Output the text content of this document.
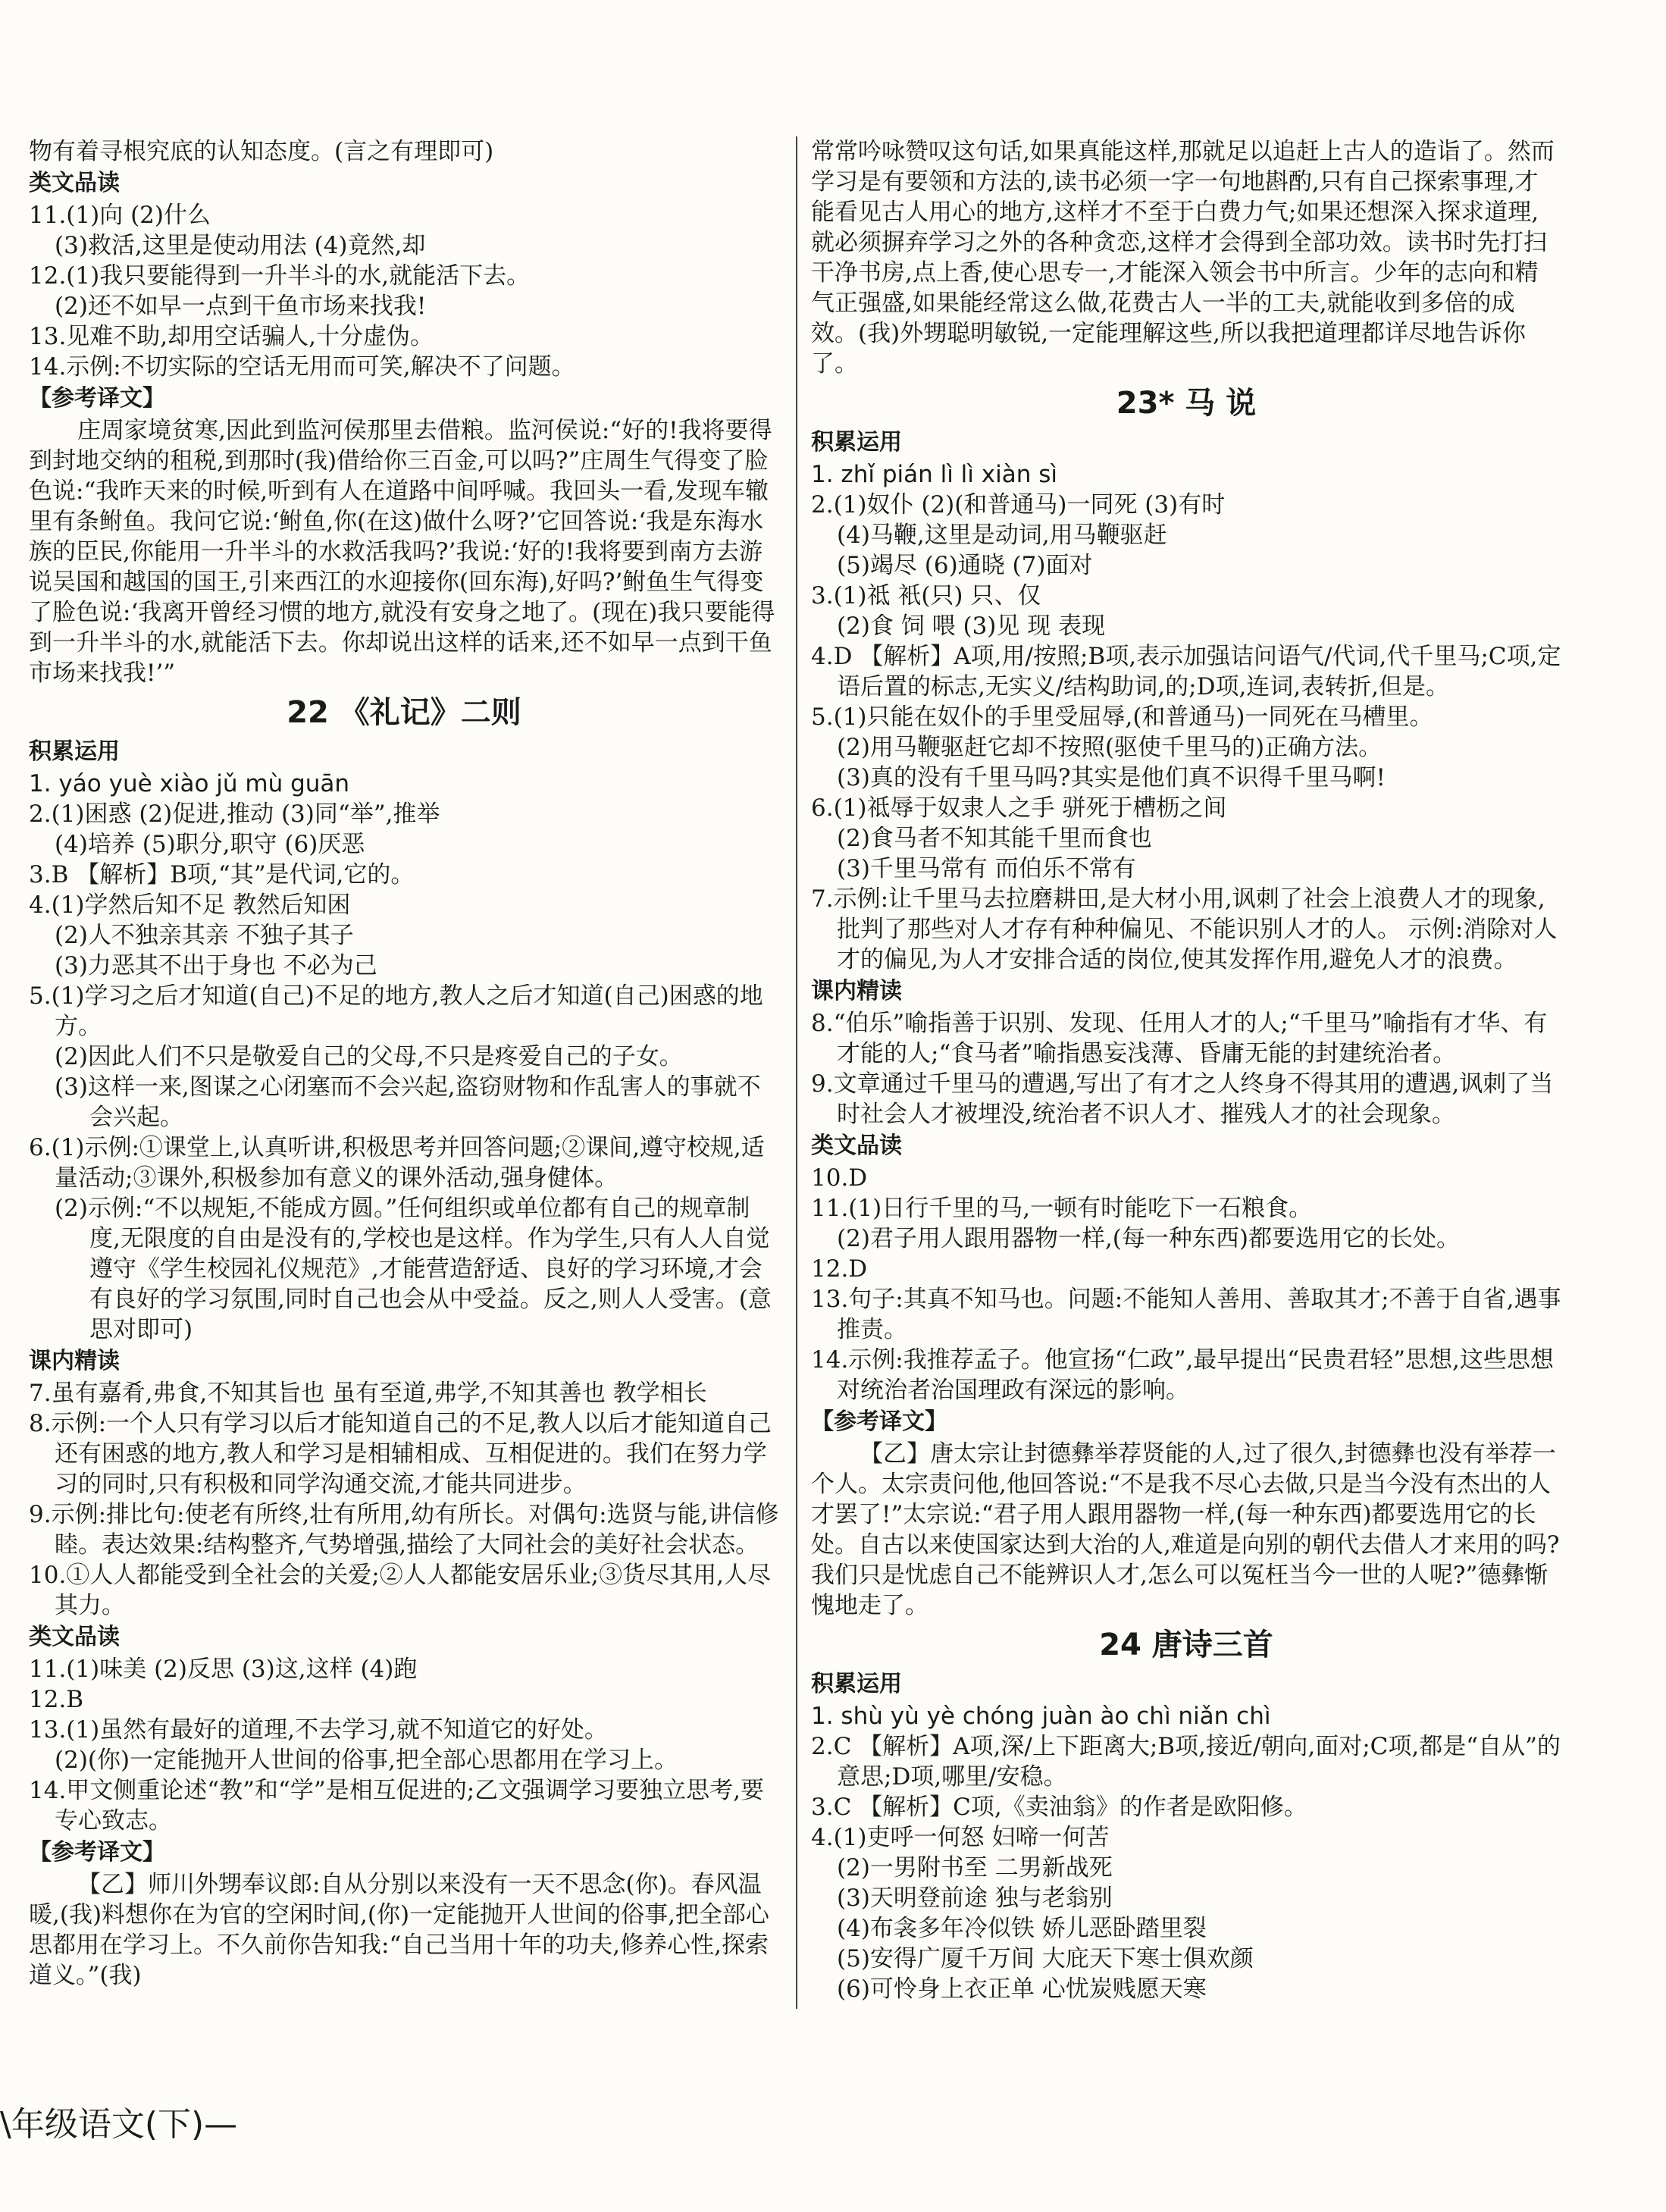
物有着寻根究底的认知态度。(言之有理即可)

类文品读

11.(1)向 (2)什么

(3)救活,这里是使动用法 (4)竟然,却

12.(1)我只要能得到一升半斗的水,就能活下去。

(2)还不如早一点到干鱼市场来找我!

13.见难不助,却用空话骗人,十分虚伪。

14.示例:不切实际的空话无用而可笑,解决不了问题。

【参考译文】

庄周家境贫寒,因此到监河侯那里去借粮。监河侯说:“好的!我将要得到封地交纳的租税,到那时(我)借给你三百金,可以吗?”庄周生气得变了脸色说:“我昨天来的时候,听到有人在道路中间呼喊。我回头一看,发现车辙里有条鲋鱼。我问它说:‘鲋鱼,你(在这)做什么呀?’它回答说:‘我是东海水族的臣民,你能用一升半斗的水救活我吗?’我说:‘好的!我将要到南方去游说吴国和越国的国王,引来西江的水迎接你(回东海),好吗?’鲋鱼生气得变了脸色说:‘我离开曾经习惯的地方,就没有安身之地了。(现在)我只要能得到一升半斗的水,就能活下去。你却说出这样的话来,还不如早一点到干鱼市场来找我!’”

22 《礼记》二则

积累运用

1. yáo yuè xiào jǔ mù guān

2.(1)困惑 (2)促进,推动 (3)同“举”,推举

(4)培养 (5)职分,职守 (6)厌恶

3.B 【解析】B项,“其”是代词,它的。

4.(1)学然后知不足 教然后知困

(2)人不独亲其亲 不独子其子

(3)力恶其不出于身也 不必为己

5.(1)学习之后才知道(自己)不足的地方,教人之后才知道(自己)困惑的地方。

(2)因此人们不只是敬爱自己的父母,不只是疼爱自己的子女。

(3)这样一来,图谋之心闭塞而不会兴起,盗窃财物和作乱害人的事就不会兴起。

6.(1)示例:①课堂上,认真听讲,积极思考并回答问题;②课间,遵守校规,适量活动;③课外,积极参加有意义的课外活动,强身健体。

(2)示例:“不以规矩,不能成方圆。”任何组织或单位都有自己的规章制度,无限度的自由是没有的,学校也是这样。作为学生,只有人人自觉遵守《学生校园礼仪规范》,才能营造舒适、良好的学习环境,才会有良好的学习氛围,同时自己也会从中受益。反之,则人人受害。(意思对即可)

课内精读

7.虽有嘉肴,弗食,不知其旨也 虽有至道,弗学,不知其善也 教学相长

8.示例:一个人只有学习以后才能知道自己的不足,教人以后才能知道自己还有困惑的地方,教人和学习是相辅相成、互相促进的。我们在努力学习的同时,只有积极和同学沟通交流,才能共同进步。

9.示例:排比句:使老有所终,壮有所用,幼有所长。对偶句:选贤与能,讲信修睦。表达效果:结构整齐,气势增强,描绘了大同社会的美好社会状态。

10.①人人都能受到全社会的关爱;②人人都能安居乐业;③货尽其用,人尽其力。

类文品读

11.(1)味美 (2)反思 (3)这,这样 (4)跑

12.B

13.(1)虽然有最好的道理,不去学习,就不知道它的好处。

(2)(你)一定能抛开人世间的俗事,把全部心思都用在学习上。

14.甲文侧重论述“教”和“学”是相互促进的;乙文强调学习要独立思考,要专心致志。

【参考译文】

【乙】师川外甥奉议郎:自从分别以来没有一天不思念(你)。春风温暖,(我)料想你在为官的空闲时间,(你)一定能抛开人世间的俗事,把全部心思都用在学习上。不久前你告知我:“自己当用十年的功夫,修养心性,探索道义。”(我)

常常吟咏赞叹这句话,如果真能这样,那就足以追赶上古人的造诣了。然而学习是有要领和方法的,读书必须一字一句地斟酌,只有自己探索事理,才能看见古人用心的地方,这样才不至于白费力气;如果还想深入探求道理,就必须摒弃学习之外的各种贪恋,这样才会得到全部功效。读书时先打扫干净书房,点上香,使心思专一,才能深入领会书中所言。少年的志向和精气正强盛,如果能经常这么做,花费古人一半的工夫,就能收到多倍的成效。(我)外甥聪明敏锐,一定能理解这些,所以我把道理都详尽地告诉你了。

23* 马 说

积累运用

1. zhǐ pián lì lì xiàn sì

2.(1)奴仆 (2)(和普通马)一同死 (3)有时

(4)马鞭,这里是动词,用马鞭驱赶

(5)竭尽 (6)通晓 (7)面对

3.(1)祗 衹(只) 只、仅

(2)食 饲 喂 (3)见 现 表现

4.D 【解析】A项,用/按照;B项,表示加强诘问语气/代词,代千里马;C项,定语后置的标志,无实义/结构助词,的;D项,连词,表转折,但是。

5.(1)只能在奴仆的手里受屈辱,(和普通马)一同死在马槽里。

(2)用马鞭驱赶它却不按照(驱使千里马的)正确方法。

(3)真的没有千里马吗?其实是他们真不识得千里马啊!

6.(1)祗辱于奴隶人之手 骈死于槽枥之间

(2)食马者不知其能千里而食也

(3)千里马常有 而伯乐不常有

7.示例:让千里马去拉磨耕田,是大材小用,讽刺了社会上浪费人才的现象,批判了那些对人才存有种种偏见、不能识别人才的人。 示例:消除对人才的偏见,为人才安排合适的岗位,使其发挥作用,避免人才的浪费。

课内精读

8.“伯乐”喻指善于识别、发现、任用人才的人;“千里马”喻指有才华、有才能的人;“食马者”喻指愚妄浅薄、昏庸无能的封建统治者。

9.文章通过千里马的遭遇,写出了有才之人终身不得其用的遭遇,讽刺了当时社会人才被埋没,统治者不识人才、摧残人才的社会现象。

类文品读

10.D

11.(1)日行千里的马,一顿有时能吃下一石粮食。

(2)君子用人跟用器物一样,(每一种东西)都要选用它的长处。

12.D

13.句子:其真不知马也。问题:不能知人善用、善取其才;不善于自省,遇事推责。

14.示例:我推荐孟子。他宣扬“仁政”,最早提出“民贵君轻”思想,这些思想对统治者治国理政有深远的影响。

【参考译文】

【乙】唐太宗让封德彝举荐贤能的人,过了很久,封德彝也没有举荐一个人。太宗责问他,他回答说:“不是我不尽心去做,只是当今没有杰出的人才罢了!”太宗说:“君子用人跟用器物一样,(每一种东西)都要选用它的长处。自古以来使国家达到大治的人,难道是向别的朝代去借人才来用的吗?我们只是忧虑自己不能辨识人才,怎么可以冤枉当今一世的人呢?”德彝惭愧地走了。

24 唐诗三首

积累运用

1. shù yù yè chóng juàn ào chì niǎn chì

2.C 【解析】A项,深/上下距离大;B项,接近/朝向,面对;C项,都是“自从”的意思;D项,哪里/安稳。

3.C 【解析】C项,《卖油翁》的作者是欧阳修。

4.(1)吏呼一何怒 妇啼一何苦

(2)一男附书至 二男新战死

(3)天明登前途 独与老翁别

(4)布衾多年冷似铁 娇儿恶卧踏里裂

(5)安得广厦千万间 大庇天下寒士俱欢颜

(6)可怜身上衣正单 心忧炭贱愿天寒

\年级语文(下)—
